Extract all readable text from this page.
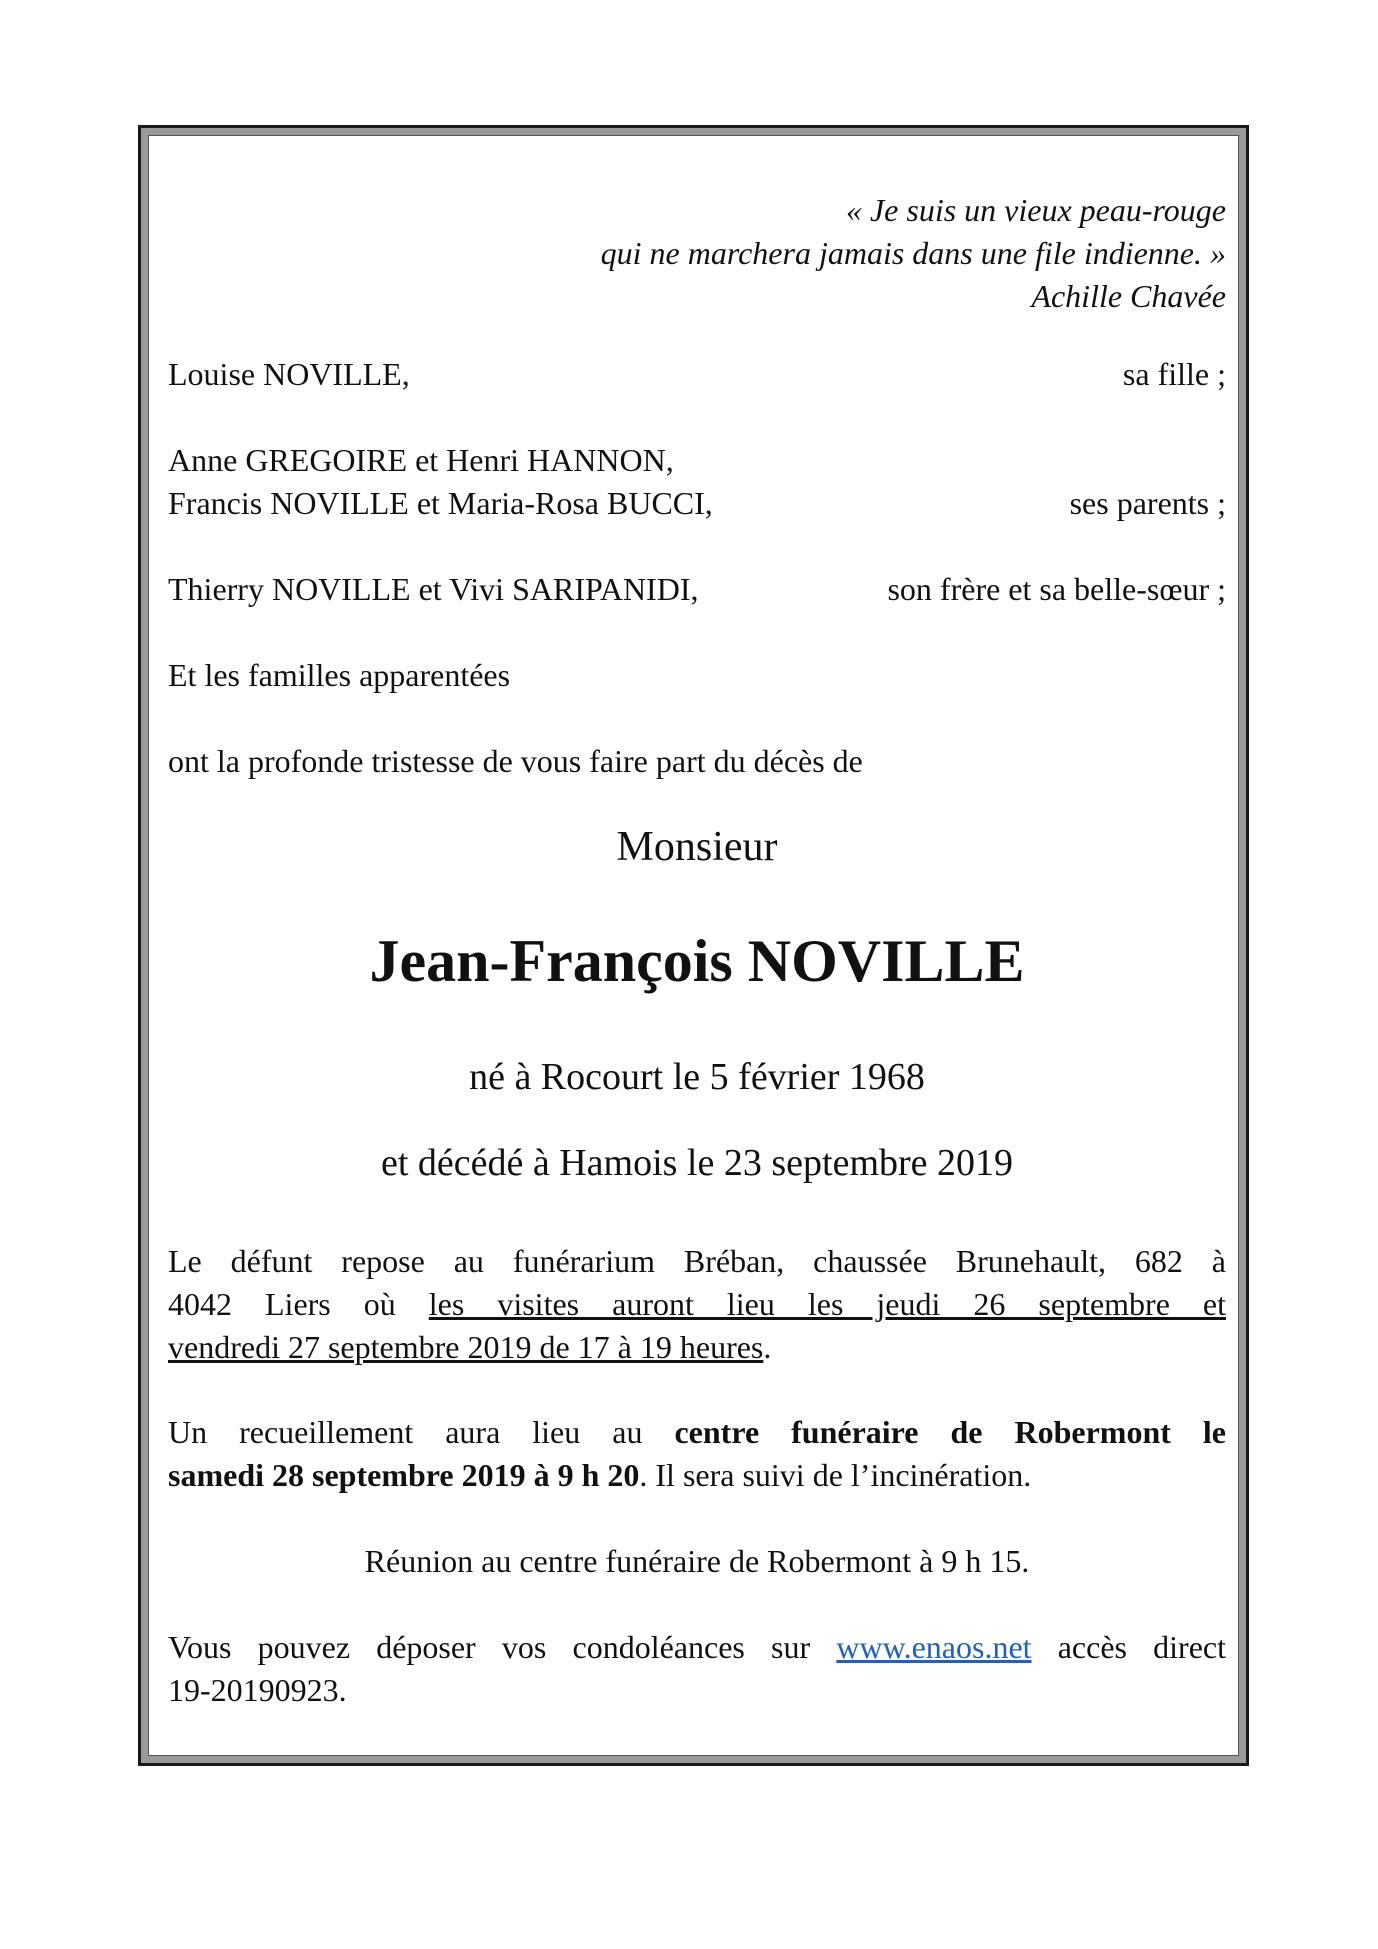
« Je suis un vieux peau-rouge
qui ne marchera jamais dans une file indienne. »
Achille Chavée
Louise NOVILLE,	sa fille ;
Anne GREGOIRE et Henri HANNON,
Francis NOVILLE et Maria-Rosa BUCCI,	ses parents ;
Thierry NOVILLE et Vivi SARIPANIDI,	son frère et sa belle-sœur ;
Et les familles apparentées
ont la profonde tristesse de vous faire part du décès de
Monsieur
Jean-François NOVILLE
né à Rocourt le 5 février 1968
et décédé à Hamois le 23 septembre 2019
Le défunt repose au funérarium Bréban, chaussée Brunehault, 682 à
4042 Liers où les visites auront lieu les jeudi 26 septembre et
vendredi 27 septembre 2019 de 17 à 19 heures.
Un recueillement aura lieu au centre funéraire de Robermont le
samedi 28 septembre 2019 à 9 h 20. Il sera suivi de l’incinération.
Réunion au centre funéraire de Robermont à 9 h 15.
Vous pouvez déposer vos condoléances sur www.enaos.net accès direct
19-20190923.
